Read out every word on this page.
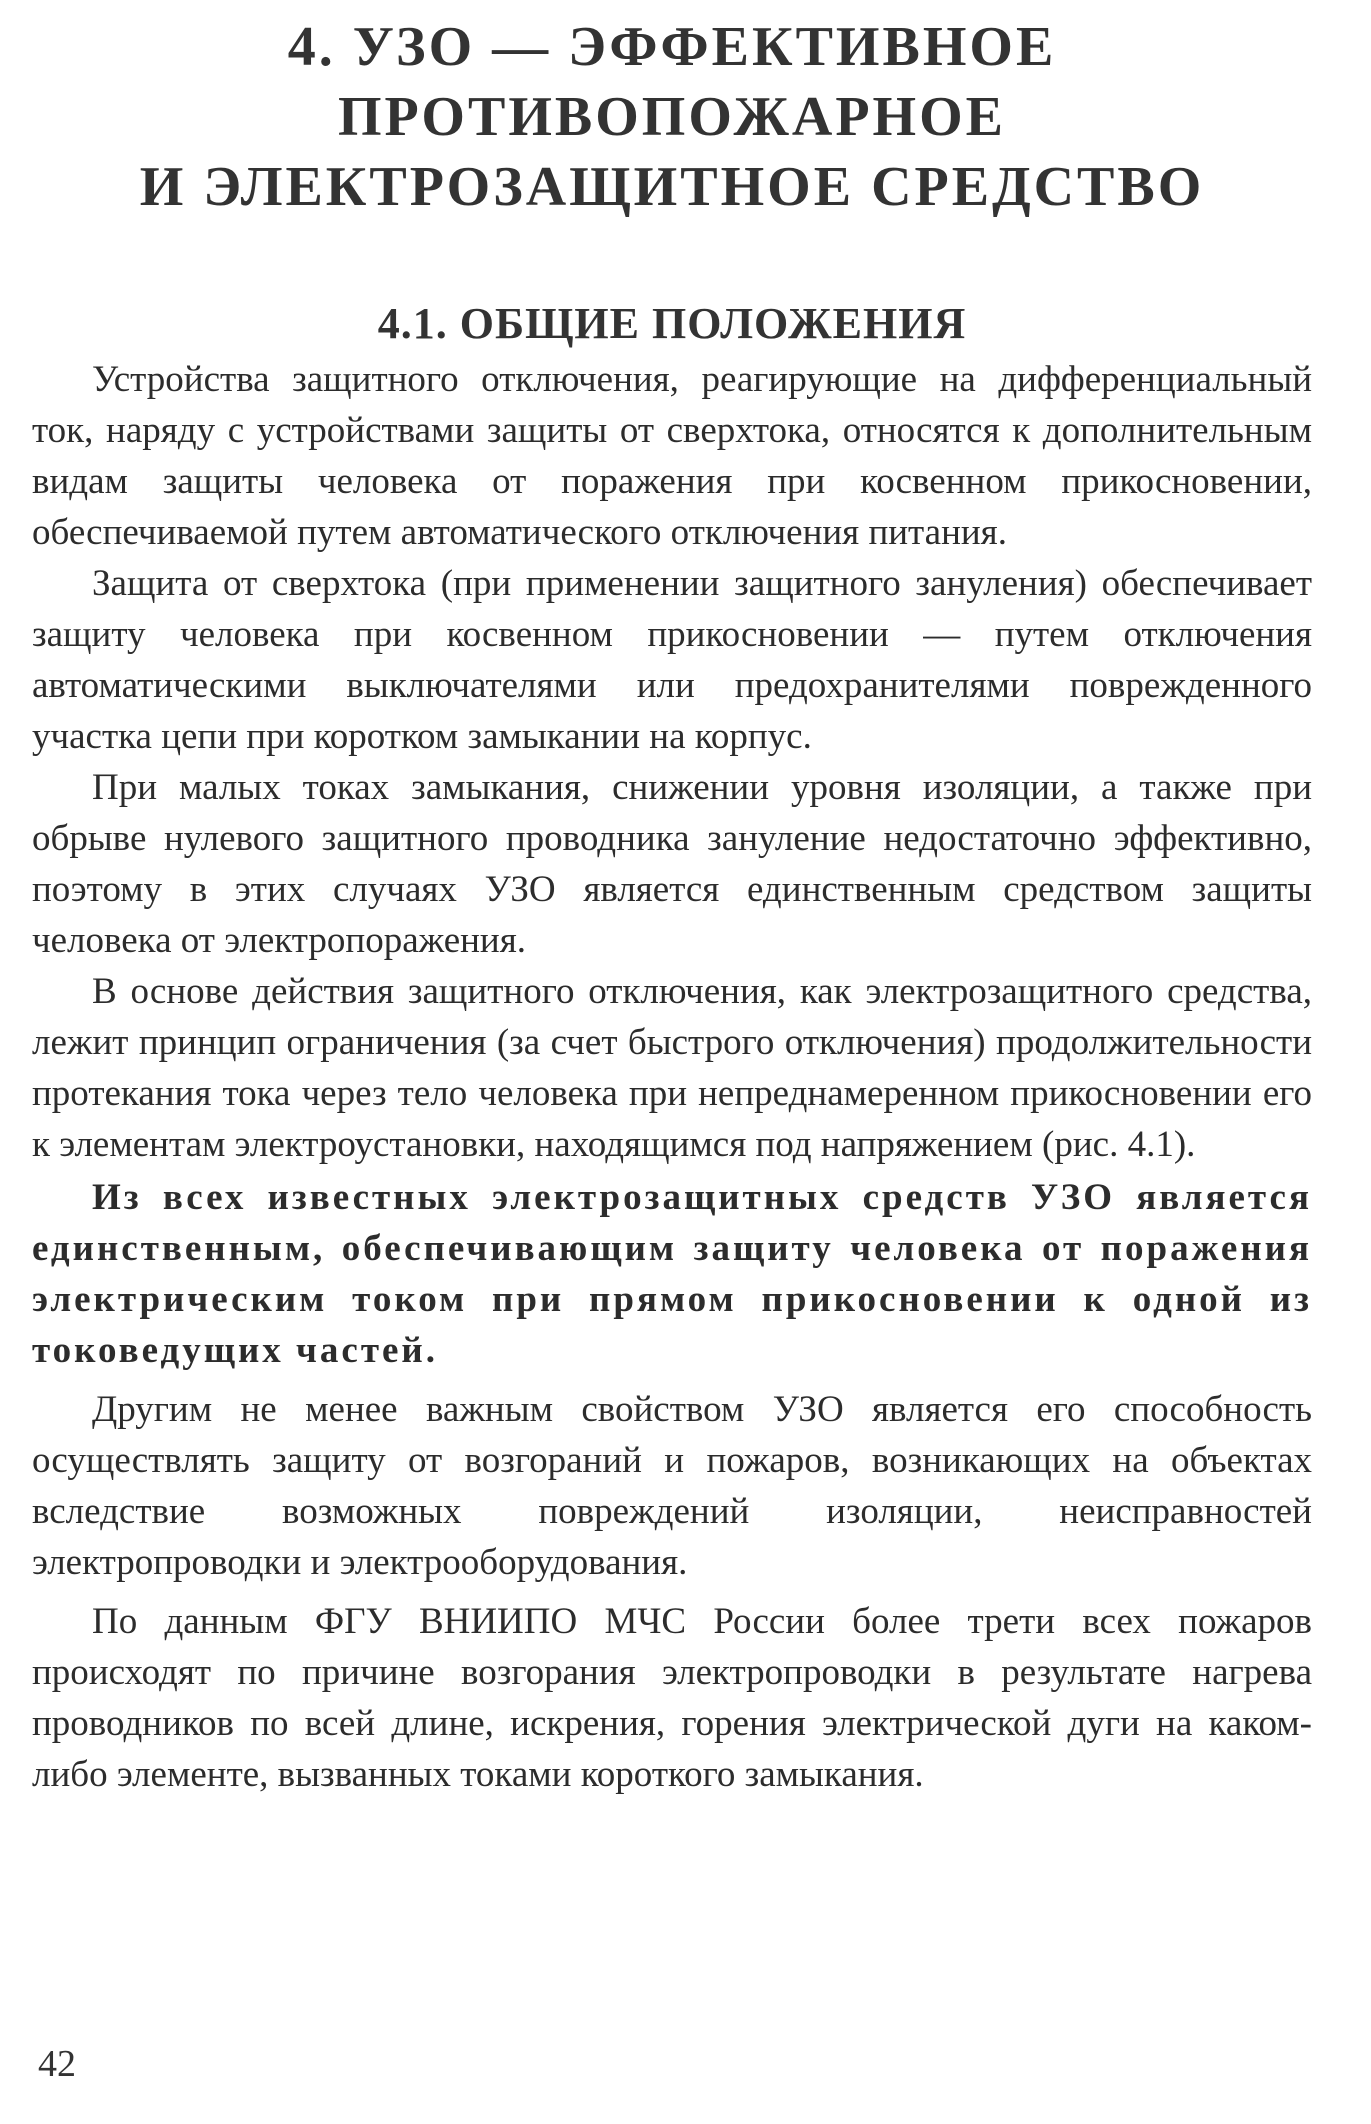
4. УЗО — ЭФФЕКТИВНОЕ
ПРОТИВОПОЖАРНОЕ
И ЭЛЕКТРОЗАЩИТНОЕ СРЕДСТВО
4.1. ОБЩИЕ ПОЛОЖЕНИЯ

Устройства защитного отключения, реагирующие на дифференциальный ток, наряду с устройствами защиты от сверхтока, относятся к дополнительным видам защиты человека от поражения при косвенном прикосновении, обеспечиваемой путем автоматического отключения питания.

Защита от сверхтока (при применении защитного зануления) обеспечивает защиту человека при косвенном прикосновении — путем отключения автоматическими выключателями или предохранителями поврежденного участка цепи при коротком замыкании на корпус.

При малых токах замыкания, снижении уровня изоляции, а также при обрыве нулевого защитного проводника зануление недостаточно эффективно, поэтому в этих случаях УЗО является единственным средством защиты человека от электропоражения.

В основе действия защитного отключения, как электрозащитного средства, лежит принцип ограничения (за счет быстрого отключения) продолжительности протекания тока через тело человека при непреднамеренном прикосновении его к элементам электроустановки, находящимся под напряжением (рис. 4.1).

Из всех известных электрозащитных средств УЗО является единственным, обеспечивающим защиту человека от поражения электрическим током при прямом прикосновении к одной из токоведущих частей.

Другим не менее важным свойством УЗО является его способность осуществлять защиту от возгораний и пожаров, возникающих на объектах вследствие возможных повреждений изоляции, неисправностей электропроводки и электрооборудования.

По данным ФГУ ВНИИПО МЧС России более трети всех пожаров происходят по причине возгорания электропроводки в результате нагрева проводников по всей длине, искрения, горения электрической дуги на каком-либо элементе, вызванных токами короткого замыкания.

42
